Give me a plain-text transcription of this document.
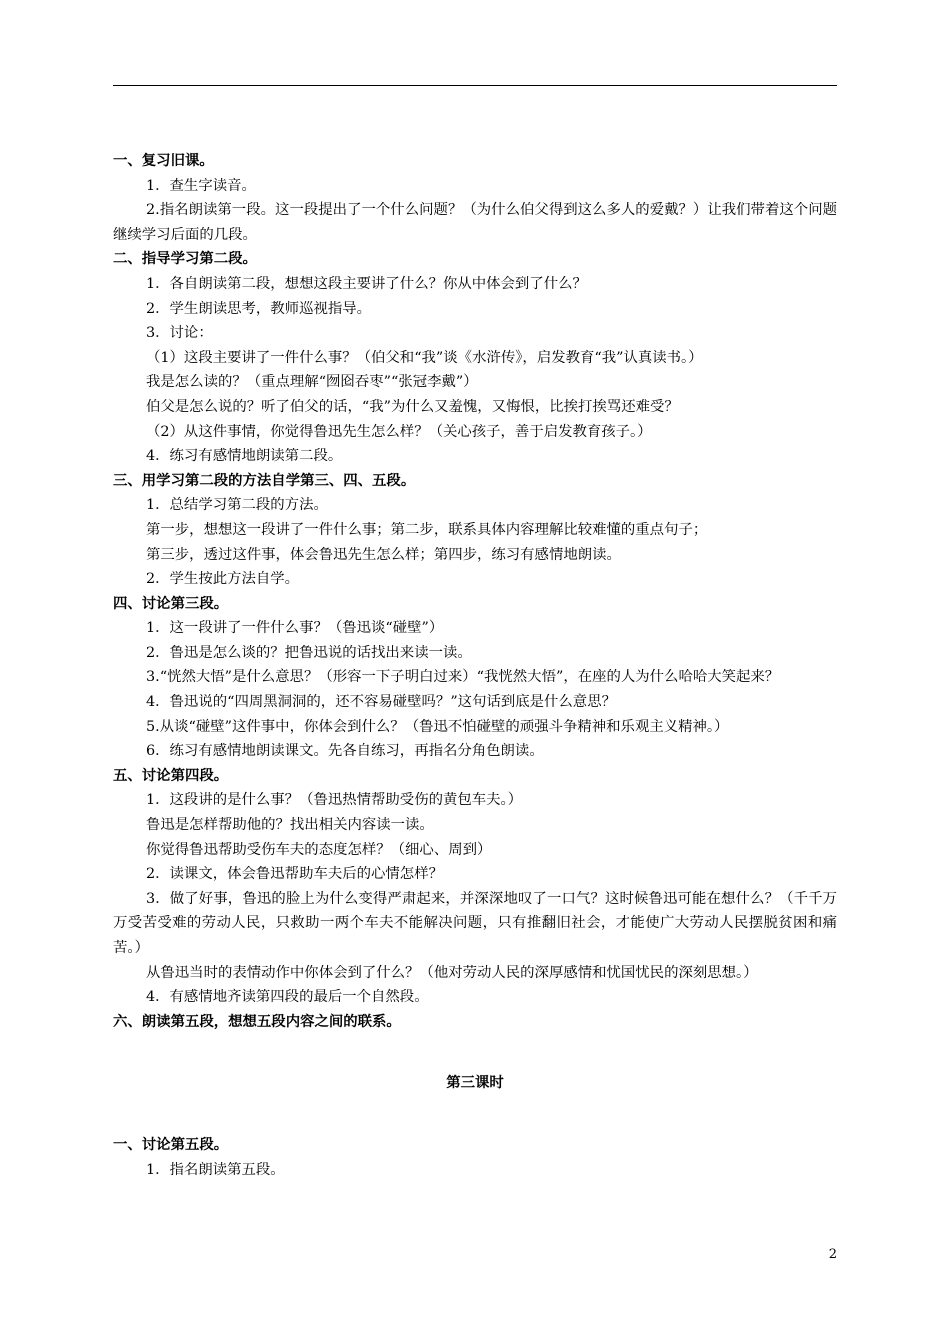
一、复习旧课。

1．查生字读音。

2.指名朗读第一段。这一段提出了一个什么问题？（为什么伯父得到这么多人的爱戴？）让我们带着这个问题继续学习后面的几段。

二、指导学习第二段。

1．各自朗读第二段，想想这段主要讲了什么？你从中体会到了什么？

2．学生朗读思考，教师巡视指导。

3．讨论：

（1）这段主要讲了一件什么事？（伯父和“我”谈《水浒传》，启发教育“我”认真读书。）

我是怎么读的？（重点理解“囫囵吞枣”“张冠李戴”）

伯父是怎么说的？听了伯父的话，“我”为什么又羞愧，又悔恨，比挨打挨骂还难受？

（2）从这件事情，你觉得鲁迅先生怎么样？（关心孩子，善于启发教育孩子。）

4．练习有感情地朗读第二段。

三、用学习第二段的方法自学第三、四、五段。

1．总结学习第二段的方法。

第一步，想想这一段讲了一件什么事；第二步，联系具体内容理解比较难懂的重点句子；

第三步，透过这件事，体会鲁迅先生怎么样；第四步，练习有感情地朗读。

2．学生按此方法自学。

四、讨论第三段。

1．这一段讲了一件什么事？（鲁迅谈“碰壁”）

2．鲁迅是怎么谈的？把鲁迅说的话找出来读一读。

3.“恍然大悟”是什么意思？（形容一下子明白过来）“我恍然大悟”，在座的人为什么哈哈大笑起来？

4．鲁迅说的“四周黑洞洞的，还不容易碰壁吗？”这句话到底是什么意思？

5.从谈“碰壁”这件事中，你体会到什么？（鲁迅不怕碰壁的顽强斗争精神和乐观主义精神。）

6．练习有感情地朗读课文。先各自练习，再指名分角色朗读。

五、讨论第四段。

1．这段讲的是什么事？（鲁迅热情帮助受伤的黄包车夫。）

鲁迅是怎样帮助他的？找出相关内容读一读。

你觉得鲁迅帮助受伤车夫的态度怎样？（细心、周到）

2．读课文，体会鲁迅帮助车夫后的心情怎样？

3．做了好事，鲁迅的脸上为什么变得严肃起来，并深深地叹了一口气？这时候鲁迅可能在想什么？（千千万万受苦受难的劳动人民，只救助一两个车夫不能解决问题，只有推翻旧社会，才能使广大劳动人民摆脱贫困和痛苦。）

从鲁迅当时的表情动作中你体会到了什么？（他对劳动人民的深厚感情和忧国忧民的深刻思想。）

4．有感情地齐读第四段的最后一个自然段。

六、朗读第五段，想想五段内容之间的联系。

第三课时

一、讨论第五段。

1．指名朗读第五段。

2
